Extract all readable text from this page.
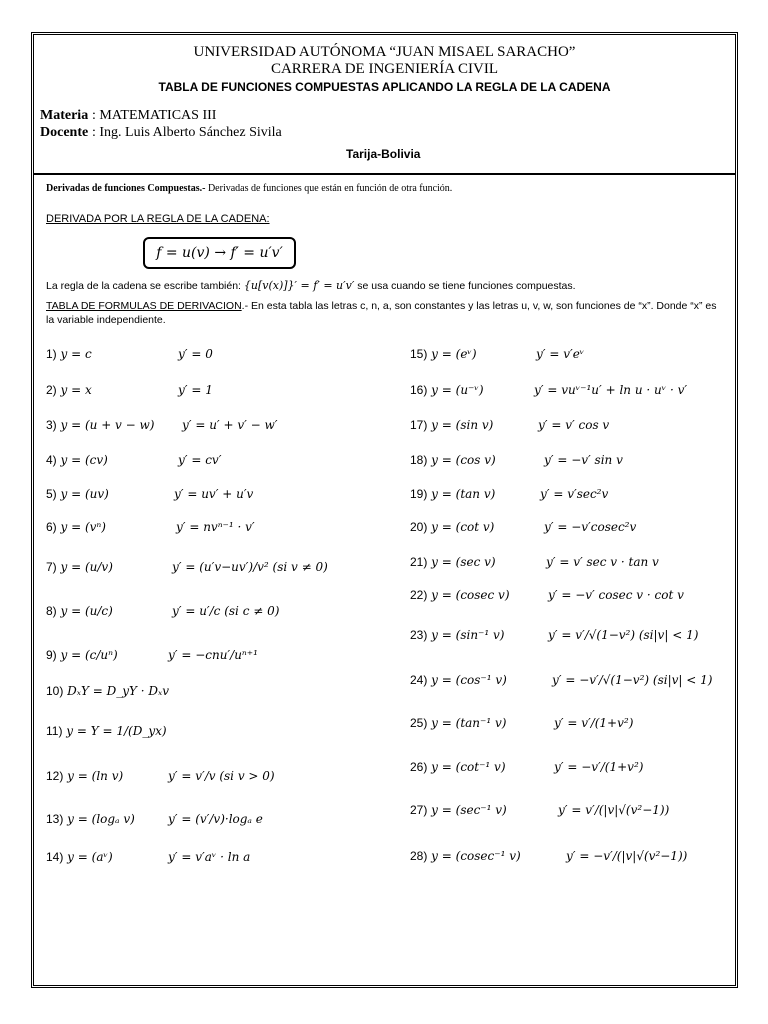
UNIVERSIDAD AUTÓNOMA “JUAN MISAEL SARACHO”
CARRERA DE INGENIERÍA CIVIL
TABLA DE FUNCIONES COMPUESTAS APLICANDO LA REGLA DE LA CADENA
Materia : MATEMATICAS III
Docente : Ing. Luis Alberto Sánchez Sivila
Tarija-Bolivia
Derivadas de funciones Compuestas.- Derivadas de funciones que están en función de otra función.
DERIVADA POR LA REGLA DE LA CADENA:
f = u(v) → f′ = u′v′
La regla de la cadena se escribe también: {u[v(x)]}′ = f′ = u′v′ se usa cuando se tiene funciones compuestas.
TABLA DE FORMULAS DE DERIVACION.- En esta tabla las letras c, n, a, son constantes y las letras u, v, w, son funciones de “x”. Donde “x” es la variable independiente.
1) y = c	y′ = 0
2) y = x	y′ = 1
3) y = (u + v − w) y′ = u′ + v′ − w′
4) y = (cv)	y′ = cv′
5) y = (uv)	y′ = uv′ + u′v
6) y = (vⁿ)	y′ = nvⁿ⁻¹ · v′
7) y = (u/v)	y′ = (u′v−uv′)/v² (si v ≠ 0)
8) y = (u/c)	y′ = u′/c (si c ≠ 0)
9) y = (c/uⁿ)	y′ = −cnu′/uⁿ⁺¹
10) DₓY = D_yY · Dₓv
11) y = Y = 1/(D_yx)
12) y = (ln v)	y′ = v′/v (si v > 0)
13) y = (logₐ v)	y′ = (v′/v)·logₐ e
14) y = (aᵛ)	y′ = v′aᵛ · ln a
15) y = (eᵛ)	y′ = v′eᵛ
16) y = (u⁻ᵛ)	y′ = vuᵛ⁻¹u′ + ln u · uᵛ · v′
17) y = (sin v)	y′ = v′ cos v
18) y = (cos v)	y′ = −v′ sin v
19) y = (tan v)	y′ = v′sec²v
20) y = (cot v)	y′ = −v′cosec²v
21) y = (sec v)	y′ = v′ sec v · tan v
22) y = (cosec v)	y′ = −v′ cosec v · cot v
23) y = (sin⁻¹ v)	y′ = v′/√(1−v²) (si|v| < 1)
24) y = (cos⁻¹ v)	y′ = −v′/√(1−v²) (si|v| < 1)
25) y = (tan⁻¹ v)	y′ = v′/(1+v²)
26) y = (cot⁻¹ v)	y′ = −v′/(1+v²)
27) y = (sec⁻¹ v)	y′ = v′/(|v|√(v²−1))
28) y = (cosec⁻¹ v)	y′ = −v′/(|v|√(v²−1))
